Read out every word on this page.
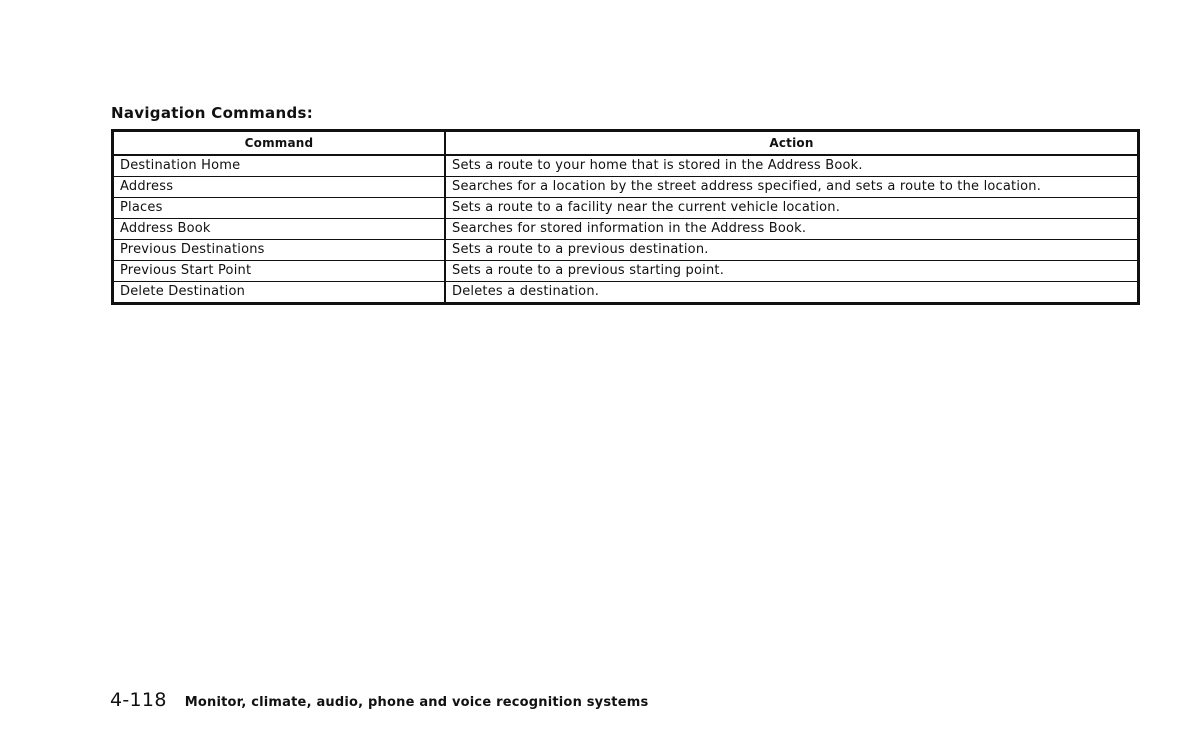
Navigation Commands:
Command	Action
Destination Home	Sets a route to your home that is stored in the Address Book.
Address	Searches for a location by the street address specified, and sets a route to the location.
Places	Sets a route to a facility near the current vehicle location.
Address Book	Searches for stored information in the Address Book.
Previous Destinations	Sets a route to a previous destination.
Previous Start Point	Sets a route to a previous starting point.
Delete Destination	Deletes a destination.
4-118 Monitor, climate, audio, phone and voice recognition systems
